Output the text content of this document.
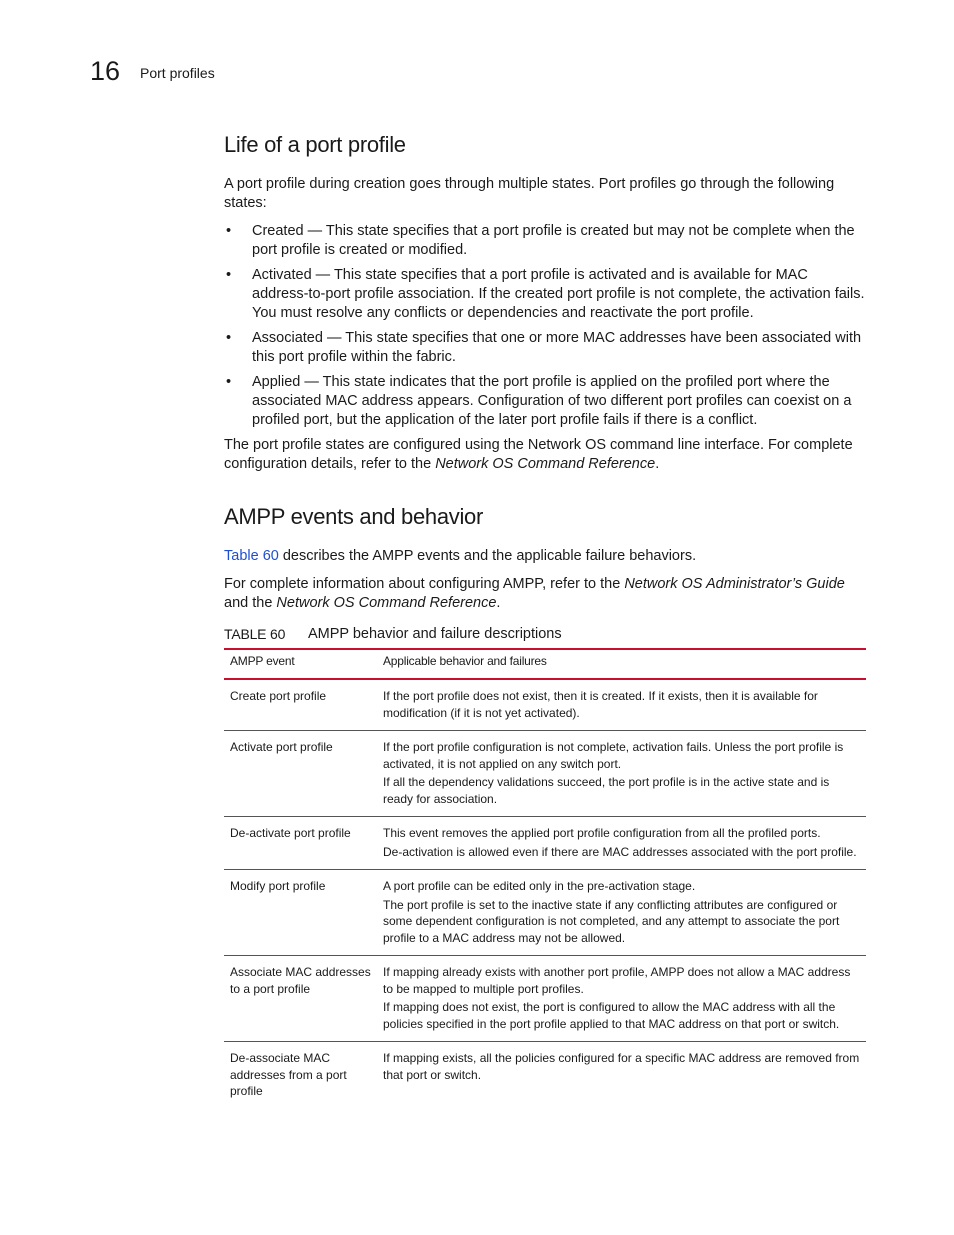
16 Port profiles
Life of a port profile

A port profile during creation goes through multiple states. Port profiles go through the following states:

• Created — This state specifies that a port profile is created but may not be complete when the port profile is created or modified.
• Activated — This state specifies that a port profile is activated and is available for MAC address-to-port profile association. If the created port profile is not complete, the activation fails. You must resolve any conflicts or dependencies and reactivate the port profile.
• Associated — This state specifies that one or more MAC addresses have been associated with this port profile within the fabric.
• Applied — This state indicates that the port profile is applied on the profiled port where the associated MAC address appears. Configuration of two different port profiles can coexist on a profiled port, but the application of the later port profile fails if there is a conflict.

The port profile states are configured using the Network OS command line interface. For complete configuration details, refer to the Network OS Command Reference.

AMPP events and behavior

Table 60 describes the AMPP events and the applicable failure behaviors.

For complete information about configuring AMPP, refer to the Network OS Administrator’s Guide and the Network OS Command Reference.

TABLE 60	AMPP behavior and failure descriptions
AMPP event	Applicable behavior and failures
Create port profile	If the port profile does not exist, then it is created. If it exists, then it is available for modification (if it is not yet activated).

Activate port profile	If the port profile configuration is not complete, activation fails. Unless the port profile is activated, it is not applied on any switch port.

If all the dependency validations succeed, the port profile is in the active state and is ready for association.

De-activate port profile	This event removes the applied port profile configuration from all the profiled ports.

De-activation is allowed even if there are MAC addresses associated with the port profile.

Modify port profile	A port profile can be edited only in the pre-activation stage.

The port profile is set to the inactive state if any conflicting attributes are configured or some dependent configuration is not completed, and any attempt to associate the port profile to a MAC address may not be allowed.

Associate MAC addresses to a port profile	If mapping already exists with another port profile, AMPP does not allow a MAC address to be mapped to multiple port profiles.

If mapping does not exist, the port is configured to allow the MAC address with all the policies specified in the port profile applied to that MAC address on that port or switch.

De-associate MAC addresses from a port profile	If mapping exists, all the policies configured for a specific MAC address are removed from that port or switch.
